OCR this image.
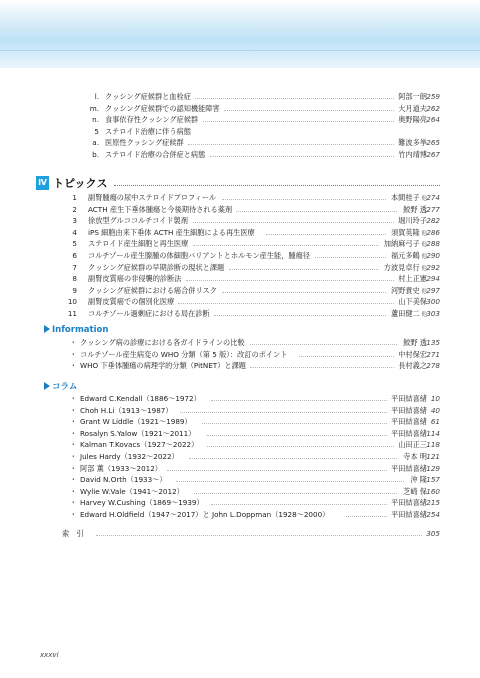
l. クッシング症候群と血栓症	阿部一朗 259
m. クッシング症候群での認知機能障害	大月道夫 262
n. 食事依存性クッシング症候群	奥野陽亮 264
5 ステロイド治療に伴う病態
a. 医原性クッシング症候群	難波多挙 265
b. ステロイド治療の合併症と病態	竹内靖博 267
Ⅳ トピックス
1 副腎腫瘍の尿中ステロイドプロフィール	本間桂子 他 274
2 ACTH 産生下垂体腫瘍と今後期待される薬剤	鮫野 透 277
3 徐放型グルココルチコイド製剤	堀川玲子 282
4 iPS 細胞由来下垂体 ACTH 産生細胞による再生医療	須賀英隆 他 286
5 ステロイド産生細胞と再生医療	加納麻弓子 他 288
6 コルチゾール産生腺腫の体細胞バリアントとホルモン産生能，腫瘍径	福元多鶴 他 290
7 クッシング症候群の早期診断の現状と課題	方波見卓行 他 292
8 副腎皮質癌の非侵襲的診断法	村上正憲 294
9 クッシング症候群における癌合併リスク	河野貴史 他 297
10 副腎皮質癌での個別化医療	山下美保 300
11 コルチゾール過剰症における局在診断	蘆田健二 他 303
Information
・ クッシング病の診療における各ガイドラインの比較	鮫野 透 135
・ コルチゾール産生病変の WHO 分類（第 5 版）：改訂のポイント	中村保宏 271
・ WHO 下垂体腫瘍の病理学的分類（PitNET）と課題	長村義之 278
コラム
・ Edward C.Kendall（1886～1972）	平田結喜緒 10
・ Choh H.Li（1913～1987）	平田結喜緒 40
・ Grant W Liddle（1921～1989）	平田結喜緒 61
・ Rosalyn S.Yalow（1921～2011）	平田結喜緒 114
・ Kalman T.Kovacs（1927～2022）	山田正三 118
・ Jules Hardy（1932～2022）	寺本 明 121
・ 阿部 薫（1933～2012）	平田結喜緒 129
・ David N.Orth（1933～）	沖 隆 157
・ Wylie W.Vale（1941～2012）	芝崎 保 160
・ Harvey W.Cushing（1869～1939）	平田結喜緒 215
・ Edward H.Oldfield（1947～2017）と John L.Doppman（1928～2000）	平田結喜緒 254
索　引	305
xxxvi
